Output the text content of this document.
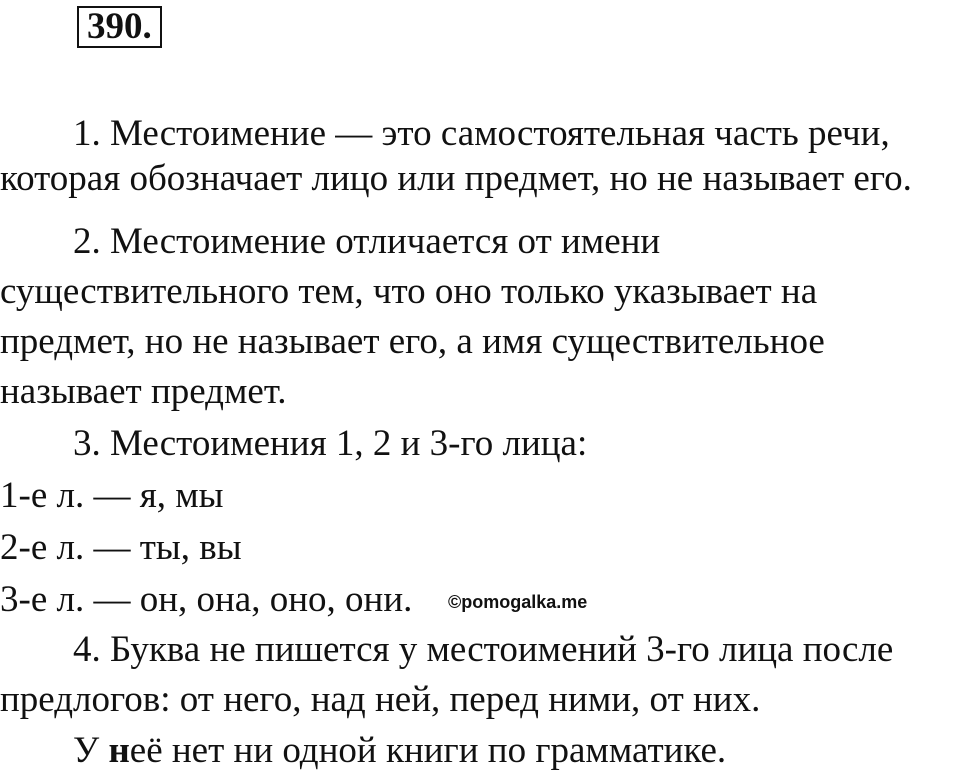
390.
1. Местоимение — это самостоятельная часть речи,
которая обозначает лицо или предмет, но не называет его.
2. Местоимение отличается от имени
существительного тем, что оно только указывает на
предмет, но не называет его, а имя существительное
называет предмет.
3. Местоимения 1, 2 и 3-го лица:
1-е л. — я, мы
2-е л. — ты, вы
3-е л. — он, она, оно, они. ©pomogalka.me
4. Буква не пишется у местоимений 3-го лица после
предлогов: от него, над ней, перед ними, от них.
У неё нет ни одной книги по грамматике.
